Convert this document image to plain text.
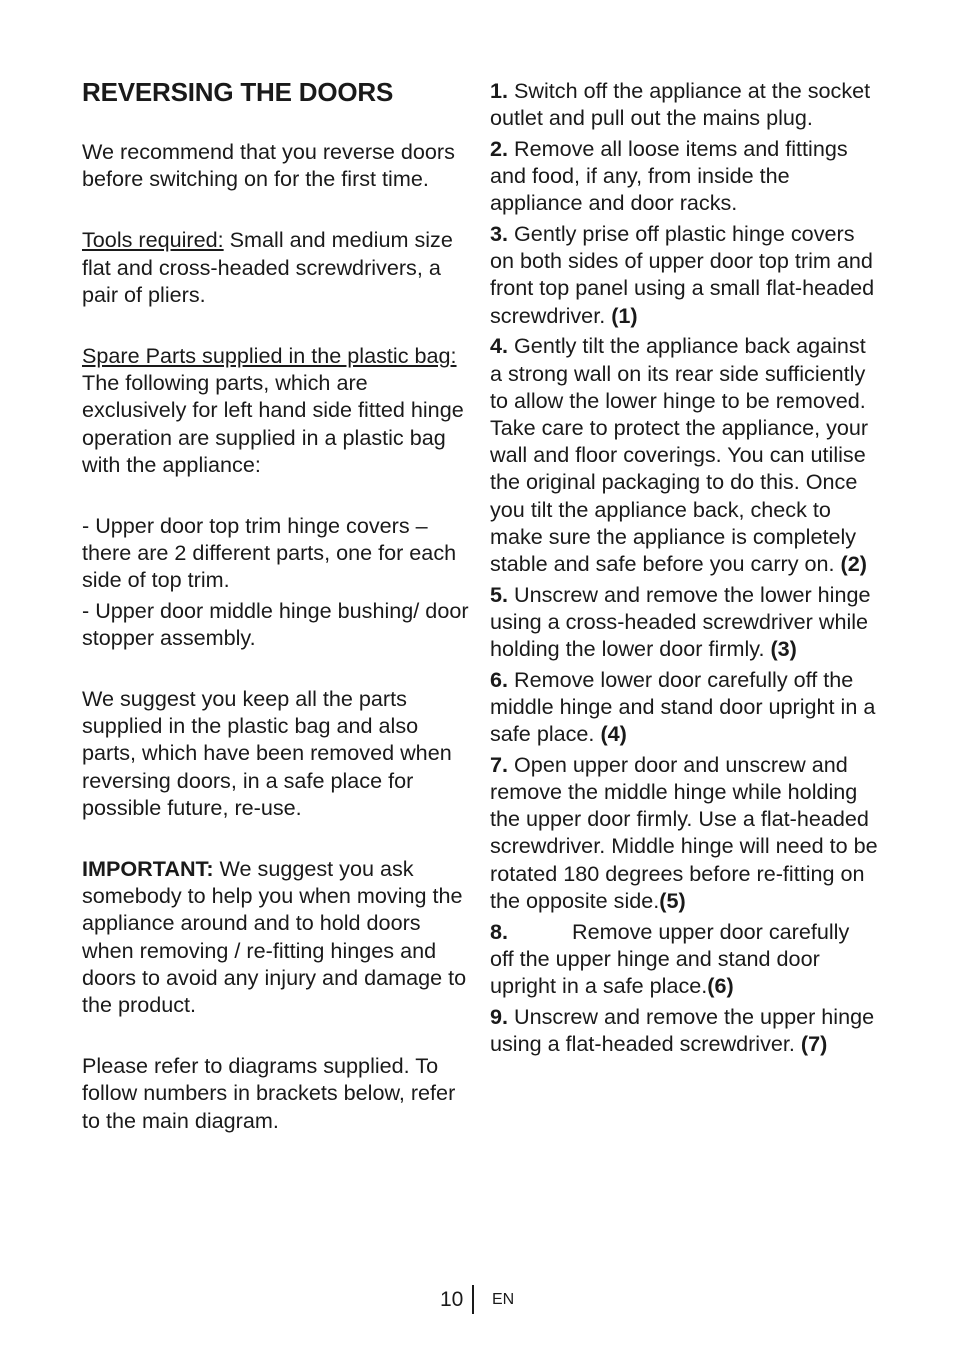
REVERSING THE DOORS

We recommend that you reverse doors before switching on for the first time.

Tools required: Small and medium size flat and cross-headed screwdrivers, a pair of pliers.

Spare Parts supplied in the plastic bag: The following parts, which are exclusively for left hand side fitted hinge operation are supplied in a plastic bag with the appliance:

- Upper door top trim hinge covers – there are 2 different parts, one for each side of top trim.

- Upper door middle hinge bushing/ door stopper assembly.

We suggest you keep all the parts supplied in the plastic bag and also parts, which have been removed when reversing doors, in a safe place for possible future, re-use.

IMPORTANT: We suggest you ask somebody to help you when moving the appliance around and to hold doors when removing / re-fitting hinges and doors to avoid any injury and damage to the product.

Please refer to diagrams supplied. To follow numbers in brackets below, refer to the main diagram.

1. Switch off the appliance at the socket outlet and pull out the mains plug.

2. Remove all loose items and fittings and food, if any, from inside the appliance and door racks.

3. Gently prise off plastic hinge covers on both sides of upper door top trim and front top panel using a small flat-headed screwdriver. (1)

4. Gently tilt the appliance back against a strong wall on its rear side sufficiently to allow the lower hinge to be removed. Take care to protect the appliance, your wall and floor coverings. You can utilise the original packaging to do this. Once you tilt the appliance back, check to make sure the appliance is completely stable and safe before you carry on. (2)

5. Unscrew and remove the lower hinge using a cross-headed screwdriver while holding the lower door firmly. (3)

6. Remove lower door carefully off the middle hinge and stand door upright in a safe place. (4)

7. Open upper door and unscrew and remove the middle hinge while holding the upper door firmly. Use a flat-headed screwdriver. Middle hinge will need to be rotated 180 degrees before re-fitting on the opposite side.(5)

8.	Remove upper door carefully off the upper hinge and stand door upright in a safe place.(6)

9. Unscrew and remove the upper hinge using a flat-headed screwdriver. (7)

10 EN
